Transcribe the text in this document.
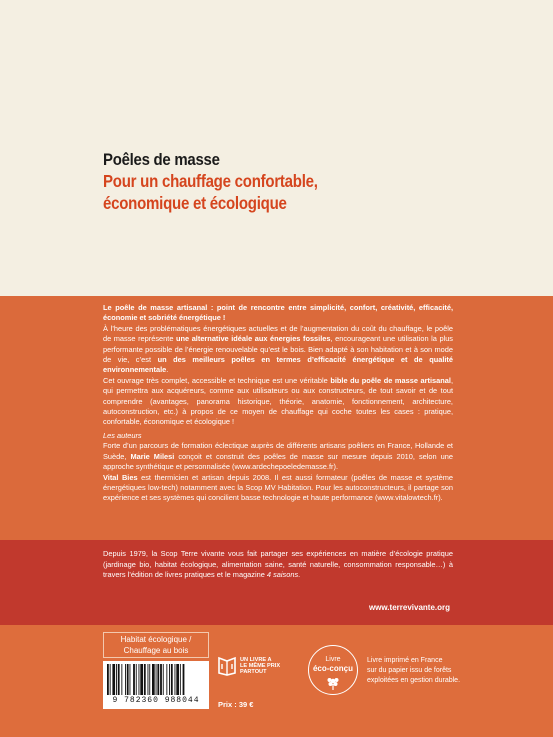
Poêles de masse
Pour un chauffage confortable,
économique et écologique

Le poêle de masse artisanal : point de rencontre entre simplicité, confort, créativité, efficacité, économie et sobriété énergétique !

À l’heure des problématiques énergétiques actuelles et de l’augmentation du coût du chauffage, le poêle de masse représente une alternative idéale aux énergies fossiles, encourageant une utilisation la plus performante possible de l’énergie renouvelable qu’est le bois. Bien adapté à son habitation et à son mode de vie, c’est un des meilleurs poêles en termes d’efficacité énergétique et de qualité environnementale.

Cet ouvrage très complet, accessible et technique est une véritable bible du poêle de masse artisanal, qui permettra aux acquéreurs, comme aux utilisateurs ou aux constructeurs, de tout savoir et de tout comprendre (avantages, panorama historique, théorie, anatomie, fonctionnement, architecture, autoconstruction, etc.) à propos de ce moyen de chauffage qui coche toutes les cases : pratique, confortable, économique et écologique !

Les auteurs

Forte d’un parcours de formation éclectique auprès de différents artisans poêliers en France, Hollande et Suède, Marie Milesi conçoit et construit des poêles de masse sur mesure depuis 2010, selon une approche synthétique et personnalisée (www.ardechepoeledemasse.fr).

Vital Bies est thermicien et artisan depuis 2008. Il est aussi formateur (poêles de masse et système énergétiques low-tech) notamment avec la Scop MV Habitation. Pour les autoconstructeurs, il partage son expérience et ses systèmes qui concilient basse technologie et haute performance (www.vitalowtech.fr).

Depuis 1979, la Scop Terre vivante vous fait partager ses expériences en matière d’écologie pratique (jardinage bio, habitat écologique, alimentation saine, santé naturelle, consommation responsable…) à travers l’édition de livres pratiques et le magazine 4 saisons.
www.terrevivante.org
Habitat écologique /
Chauffage au bois
9 782360 988044
UN LIVRE A
LE MÊME PRIX
PARTOUT
Prix : 39 €
Livre
éco-conçu
Livre imprimé en France
sur du papier issu de forêts
exploitées en gestion durable.
